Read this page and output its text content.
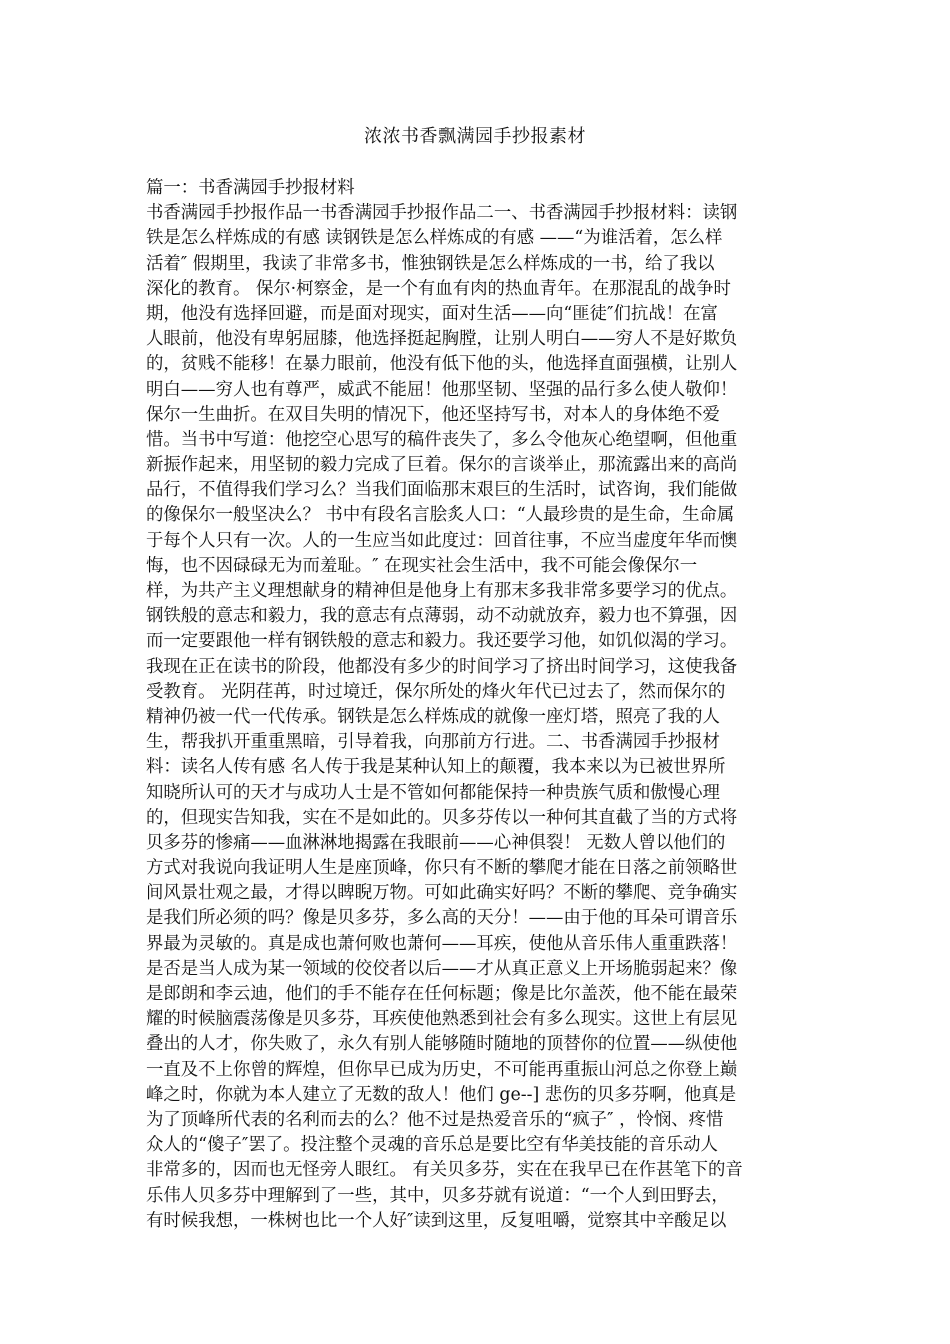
浓浓书香飘满园手抄报素材
篇一：书香满园手抄报材料
书香满园手抄报作品一书香满园手抄报作品二一、书香满园手抄报材料：读钢
铁是怎么样炼成的有感 读钢铁是怎么样炼成的有感 ——“为谁活着，怎么样
活着″ 假期里，我读了非常多书，惟独钢铁是怎么样炼成的一书，给了我以
深化的教育。 保尔·柯察金，是一个有血有肉的热血青年。在那混乱的战争时
期，他没有选择回避，而是面对现实，面对生活——向“匪徒″们抗战！在富
人眼前，他没有卑躬屈膝，他选择挺起胸膛，让别人明白——穷人不是好欺负
的，贫贱不能移！在暴力眼前，他没有低下他的头，他选择直面强横，让别人
明白——穷人也有尊严，威武不能屈！他那坚韧、坚强的品行多么使人敬仰！
保尔一生曲折。在双目失明的情况下，他还坚持写书，对本人的身体绝不爱
惜。当书中写道：他挖空心思写的稿件丧失了，多么令他灰心绝望啊，但他重
新振作起来，用坚韧的毅力完成了巨着。保尔的言谈举止，那流露出来的高尚
品行，不值得我们学习么？当我们面临那末艰巨的生活时，试咨询，我们能做
的像保尔一般坚决么？ 书中有段名言脍炙人口：“人最珍贵的是生命，生命属
于每个人只有一次。人的一生应当如此度过：回首往事，不应当虚度年华而懊
悔，也不因碌碌无为而羞耻。″ 在现实社会生活中，我不可能会像保尔一
样，为共产主义理想献身的精神但是他身上有那末多我非常多要学习的优点。
钢铁般的意志和毅力，我的意志有点薄弱，动不动就放弃，毅力也不算强，因
而一定要跟他一样有钢铁般的意志和毅力。我还要学习他，如饥似渴的学习。
我现在正在读书的阶段，他都没有多少的时间学习了挤出时间学习，这使我备
受教育。 光阴荏苒，时过境迁，保尔所处的烽火年代已过去了，然而保尔的
精神仍被一代一代传承。钢铁是怎么样炼成的就像一座灯塔，照亮了我的人
生，帮我扒开重重黑暗，引导着我，向那前方行进。二、书香满园手抄报材
料：读名人传有感 名人传于我是某种认知上的颠覆，我本来以为已被世界所
知晓所认可的天才与成功人士是不管如何都能保持一种贵族气质和傲慢心理
的，但现实告知我，实在不是如此的。贝多芬传以一种何其直截了当的方式将
贝多芬的惨痛——血淋淋地揭露在我眼前——心神俱裂！ 无数人曾以他们的
方式对我说向我证明人生是座顶峰，你只有不断的攀爬才能在日落之前领略世
间风景壮观之最，才得以睥睨万物。可如此确实好吗？不断的攀爬、竞争确实
是我们所必须的吗？像是贝多芬，多么高的天分！——由于他的耳朵可谓音乐
界最为灵敏的。真是成也萧何败也萧何——耳疾，使他从音乐伟人重重跌落！
是否是当人成为某一领域的佼佼者以后——才从真正意义上开场脆弱起来？像
是郎朗和李云迪，他们的手不能存在任何标题；像是比尔盖茨，他不能在最荣
耀的时候脑震荡像是贝多芬，耳疾使他熟悉到社会有多么现实。这世上有层见
叠出的人才，你失败了，永久有别人能够随时随地的顶替你的位置——纵使他
一直及不上你曾的辉煌，但你早已成为历史，不可能再重振山河总之你登上巅
峰之时，你就为本人建立了无数的敌人！他们 ge--] 悲伤的贝多芬啊，他真是
为了顶峰所代表的名利而去的么？他不过是热爱音乐的“疯子″ ，怜悯、疼惜
众人的“傻子″罢了。投注整个灵魂的音乐总是要比空有华美技能的音乐动人
非常多的，因而也无怪旁人眼红。 有关贝多芬，实在在我早已在作甚笔下的音
乐伟人贝多芬中理解到了一些，其中，贝多芬就有说道：“一个人到田野去，
有时候我想，一株树也比一个人好″读到这里，反复咀嚼，觉察其中辛酸足以
